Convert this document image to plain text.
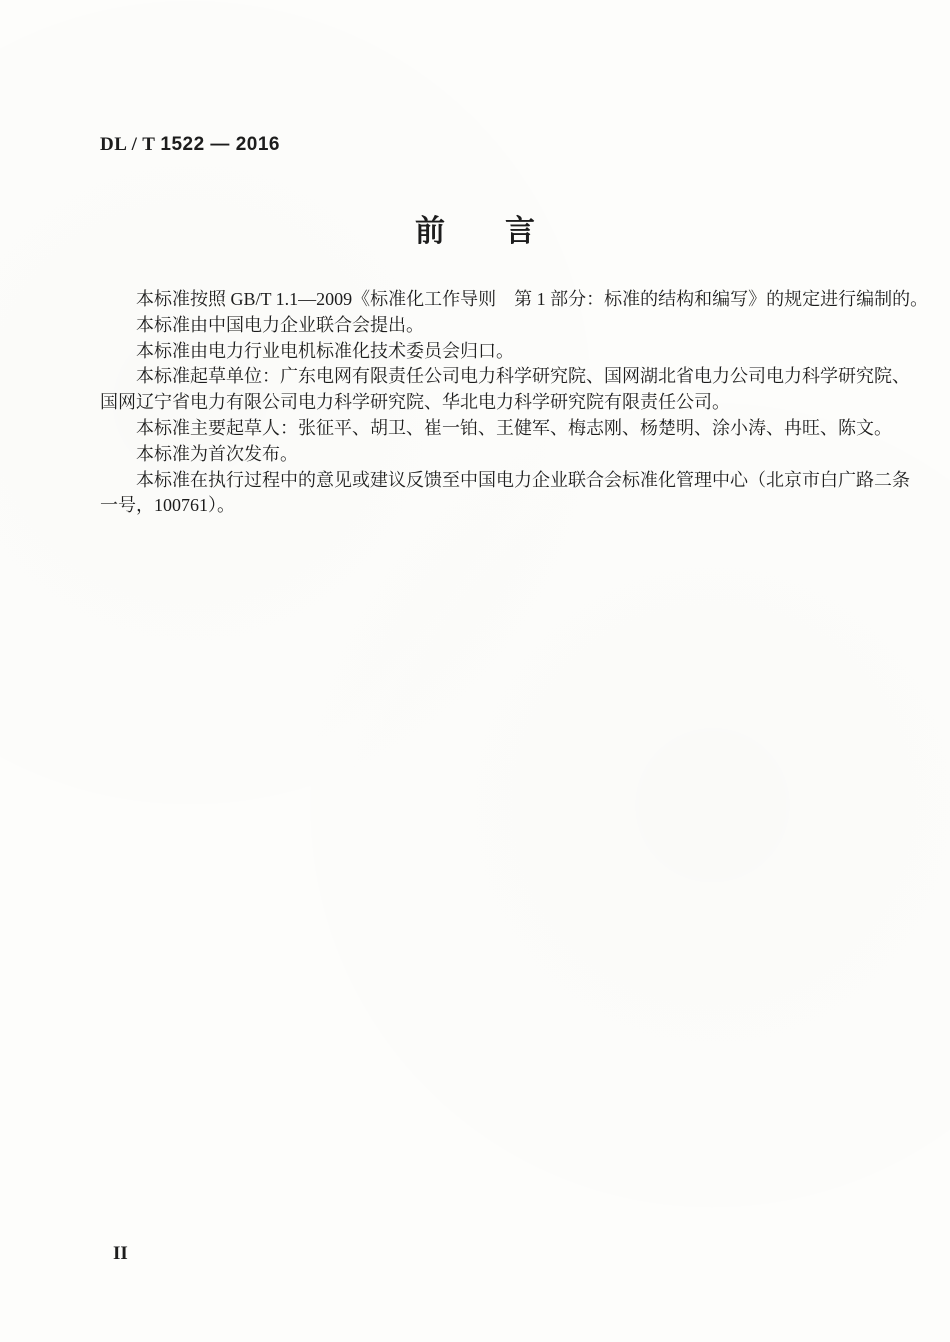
DL / T 1522 — 2016
前　　言
本标准按照 GB/T 1.1—2009《标准化工作导则　第 1 部分：标准的结构和编写》的规定进行编制的。
本标准由中国电力企业联合会提出。
本标准由电力行业电机标准化技术委员会归口。
本标准起草单位：广东电网有限责任公司电力科学研究院、国网湖北省电力公司电力科学研究院、
国网辽宁省电力有限公司电力科学研究院、华北电力科学研究院有限责任公司。
本标准主要起草人：张征平、胡卫、崔一铂、王健军、梅志刚、杨楚明、涂小涛、冉旺、陈文。
本标准为首次发布。
本标准在执行过程中的意见或建议反馈至中国电力企业联合会标准化管理中心（北京市白广路二条
一号，100761）。
II
